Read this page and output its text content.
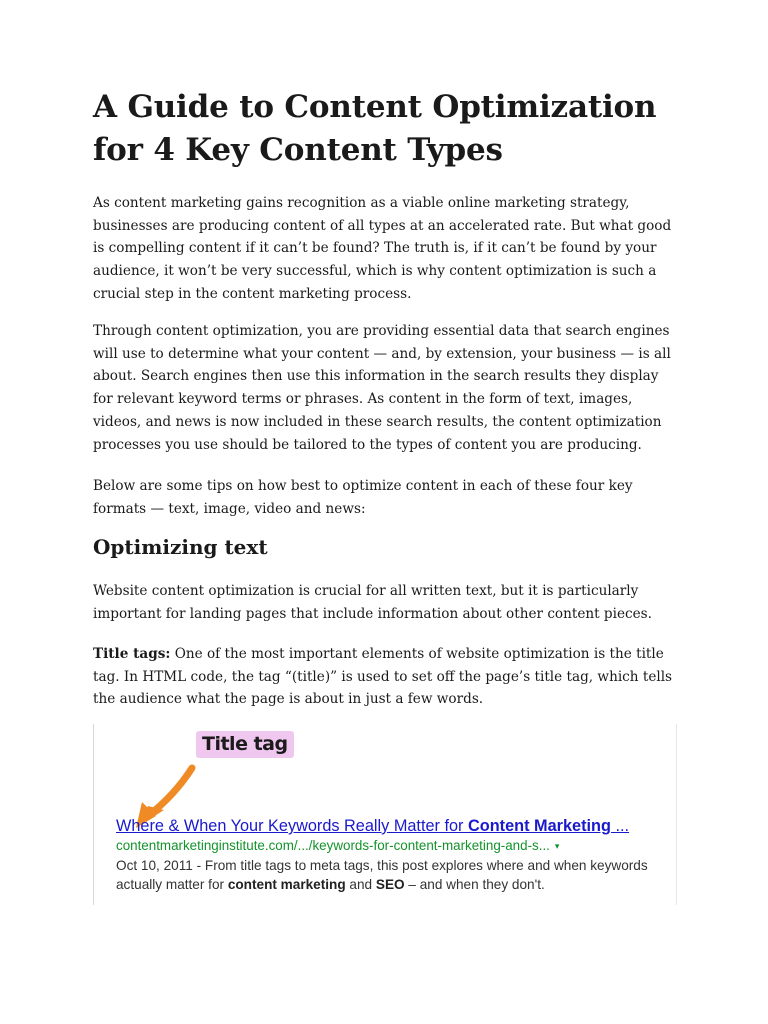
A Guide to Content Optimization for 4 Key Content Types

As content marketing gains recognition as a viable online marketing strategy, businesses are producing content of all types at an accelerated rate. But what good is compelling content if it can’t be found? The truth is, if it can’t be found by your audience, it won’t be very successful, which is why content optimization is such a crucial step in the content marketing process.

Through content optimization, you are providing essential data that search engines will use to determine what your content — and, by extension, your business — is all about. Search engines then use this information in the search results they display for relevant keyword terms or phrases. As content in the form of text, images, videos, and news is now included in these search results, the content optimization processes you use should be tailored to the types of content you are producing.

Below are some tips on how best to optimize content in each of these four key formats — text, image, video and news:

Optimizing text

Website content optimization is crucial for all written text, but it is particularly important for landing pages that include information about other content pieces.

Title tags: One of the most important elements of website optimization is the title tag. In HTML code, the tag “(title)” is used to set off the page’s title tag, which tells the audience what the page is about in just a few words.

Title tag
Where & When Your Keywords Really Matter for Content Marketing ...
contentmarketinginstitute.com/.../keywords-for-content-marketing-and-s... ▾
Oct 10, 2011 - From title tags to meta tags, this post explores where and when keywords actually matter for content marketing and SEO – and when they don't.
